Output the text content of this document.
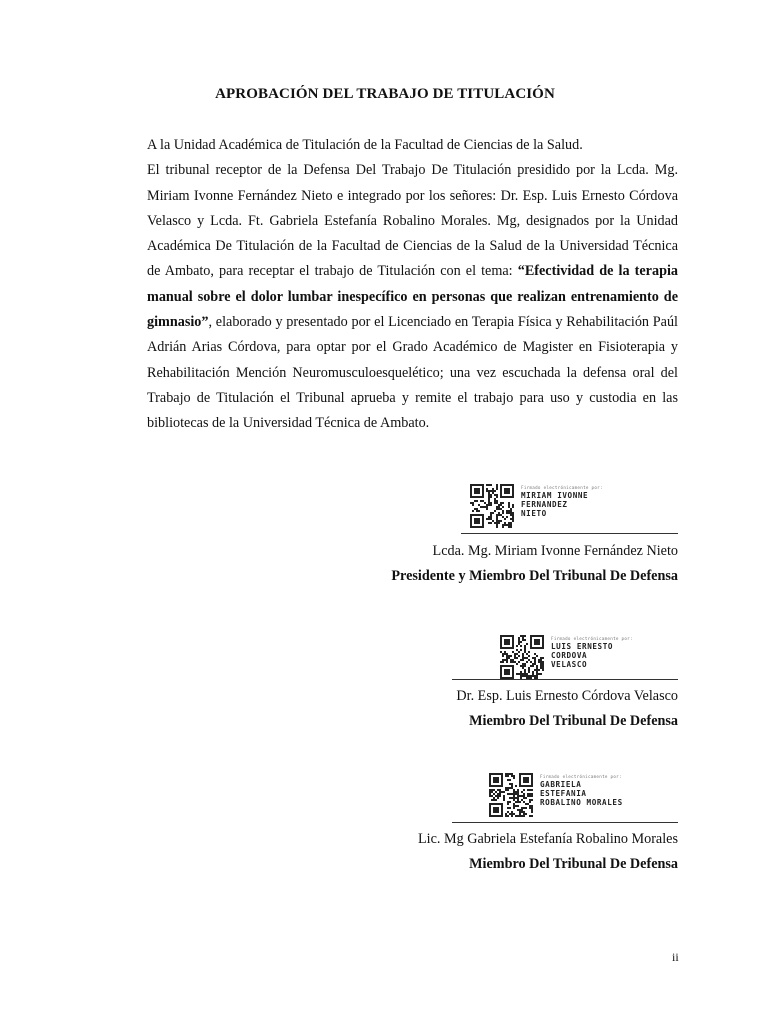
APROBACIÓN DEL TRABAJO DE TITULACIÓN

A la Unidad Académica de Titulación de la Facultad de Ciencias de la Salud.

El tribunal receptor de la Defensa Del Trabajo De Titulación presidido por la Lcda. Mg. Miriam Ivonne Fernández Nieto e integrado por los señores: Dr. Esp. Luis Ernesto Córdova Velasco y Lcda. Ft. Gabriela Estefanía Robalino Morales. Mg, designados por la Unidad Académica De Titulación de la Facultad de Ciencias de la Salud de la Universidad Técnica de Ambato, para receptar el trabajo de Titulación con el tema: “Efectividad de la terapia manual sobre el dolor lumbar inespecífico en personas que realizan entrenamiento de gimnasio”, elaborado y presentado por el Licenciado en Terapia Física y Rehabilitación Paúl Adrián Arias Córdova, para optar por el Grado Académico de Magister en Fisioterapia y Rehabilitación Mención Neuromusculoesquelético; una vez escuchada la defensa oral del Trabajo de Titulación el Tribunal aprueba y remite el trabajo para uso y custodia en las bibliotecas de la Universidad Técnica de Ambato.

Firmado electrónicamente por:
MIRIAM IVONNE
FERNANDEZ
NIETO
Lcda. Mg. Miriam Ivonne Fernández Nieto
Presidente y Miembro Del Tribunal De Defensa
Firmado electrónicamente por:
LUIS ERNESTO
CORDOVA
VELASCO
Dr. Esp. Luis Ernesto Córdova Velasco
Miembro Del Tribunal De Defensa
Firmado electrónicamente por:
GABRIELA
ESTEFANIA
ROBALINO MORALES
Lic. Mg Gabriela Estefanía Robalino Morales
Miembro Del Tribunal De Defensa
ii
